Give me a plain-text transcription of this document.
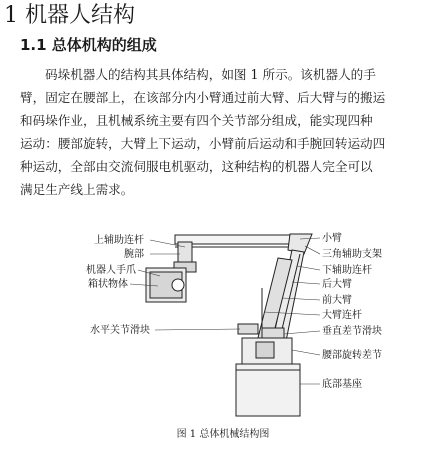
1 机器人结构
1.1 总体机构的组成
码垛机器人的结构其具体结构，如图 1 所示。该机器人的手
臂，固定在腰部上，在该部分内小臂通过前大臂、后大臂与的搬运
和码垛作业，且机械系统主要有四个关节部分组成，能实现四种
运动：腰部旋转，大臂上下运动，小臂前后运动和手腕回转运动四
种运动，全部由交流伺服电机驱动，这种结构的机器人完全可以
满足生产线上需求。
上辅助连杆
腕部
机器人手爪
箱状物体
水平关节滑块
小臂
三角辅助支架
下辅助连杆
后大臂
前大臂
大臂连杆
垂直差节滑块
腰部旋转差节
底部基座
图 1 总体机械结构图
